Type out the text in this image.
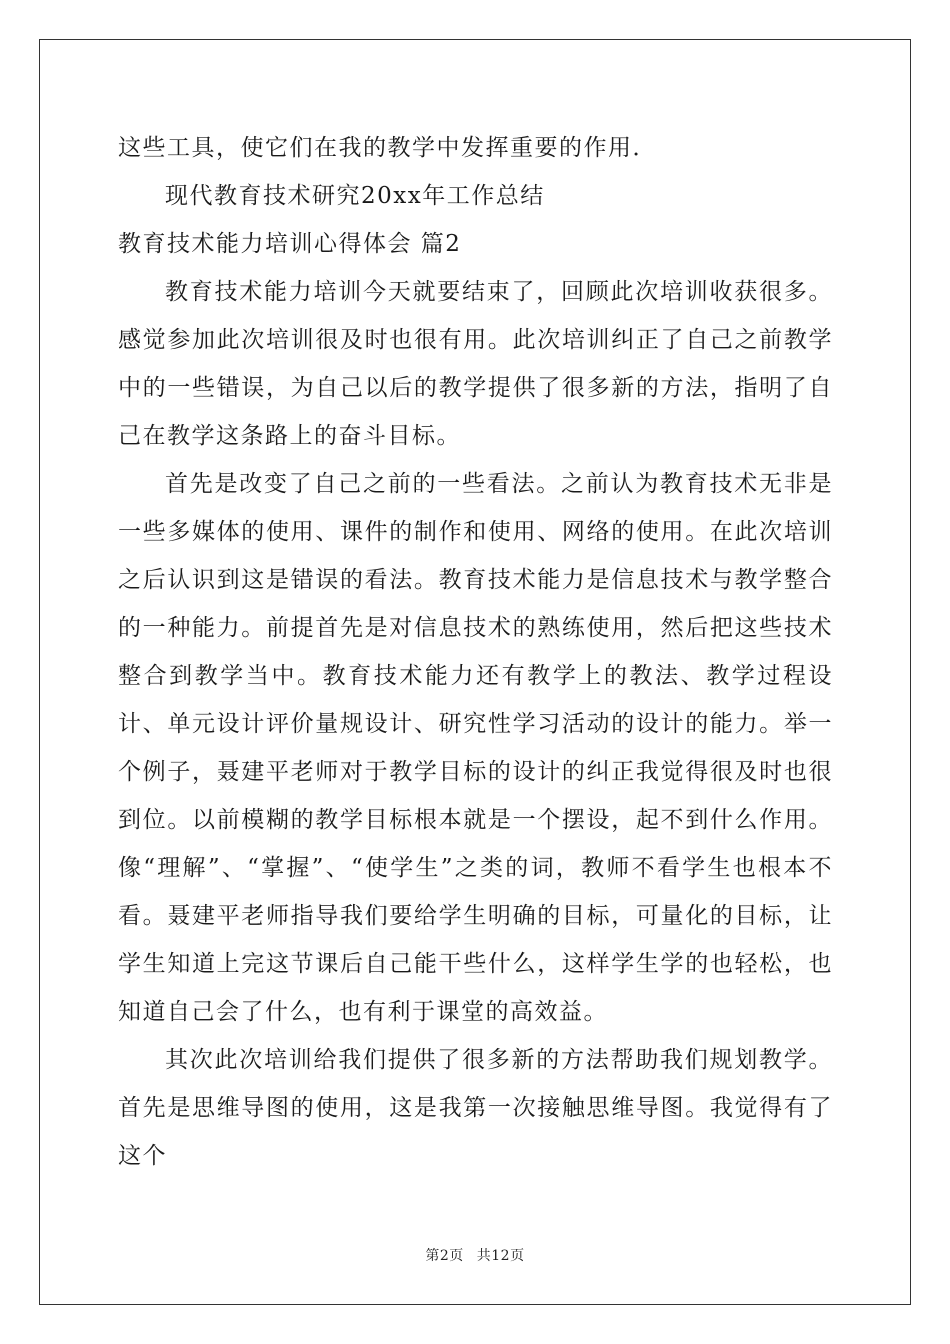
这些工具，使它们在我的教学中发挥重要的作用．

现代教育技术研究20xx年工作总结

教育技术能力培训心得体会 篇2

教育技术能力培训今天就要结束了，回顾此次培训收获很多。感觉参加此次培训很及时也很有用。此次培训纠正了自己之前教学中的一些错误，为自己以后的教学提供了很多新的方法，指明了自己在教学这条路上的奋斗目标。

首先是改变了自己之前的一些看法。之前认为教育技术无非是一些多媒体的使用、课件的制作和使用、网络的使用。在此次培训之后认识到这是错误的看法。教育技术能力是信息技术与教学整合的一种能力。前提首先是对信息技术的熟练使用，然后把这些技术整合到教学当中。教育技术能力还有教学上的教法、教学过程设计、单元设计评价量规设计、研究性学习活动的设计的能力。举一个例子，聂建平老师对于教学目标的设计的纠正我觉得很及时也很到位。以前模糊的教学目标根本就是一个摆设，起不到什么作用。像“理解”、“掌握”、“使学生”之类的词，教师不看学生也根本不看。聂建平老师指导我们要给学生明确的目标，可量化的目标，让学生知道上完这节课后自己能干些什么，这样学生学的也轻松，也知道自己会了什么，也有利于课堂的高效益。

其次此次培训给我们提供了很多新的方法帮助我们规划教学。首先是思维导图的使用，这是我第一次接触思维导图。我觉得有了这个

第2页 共12页
